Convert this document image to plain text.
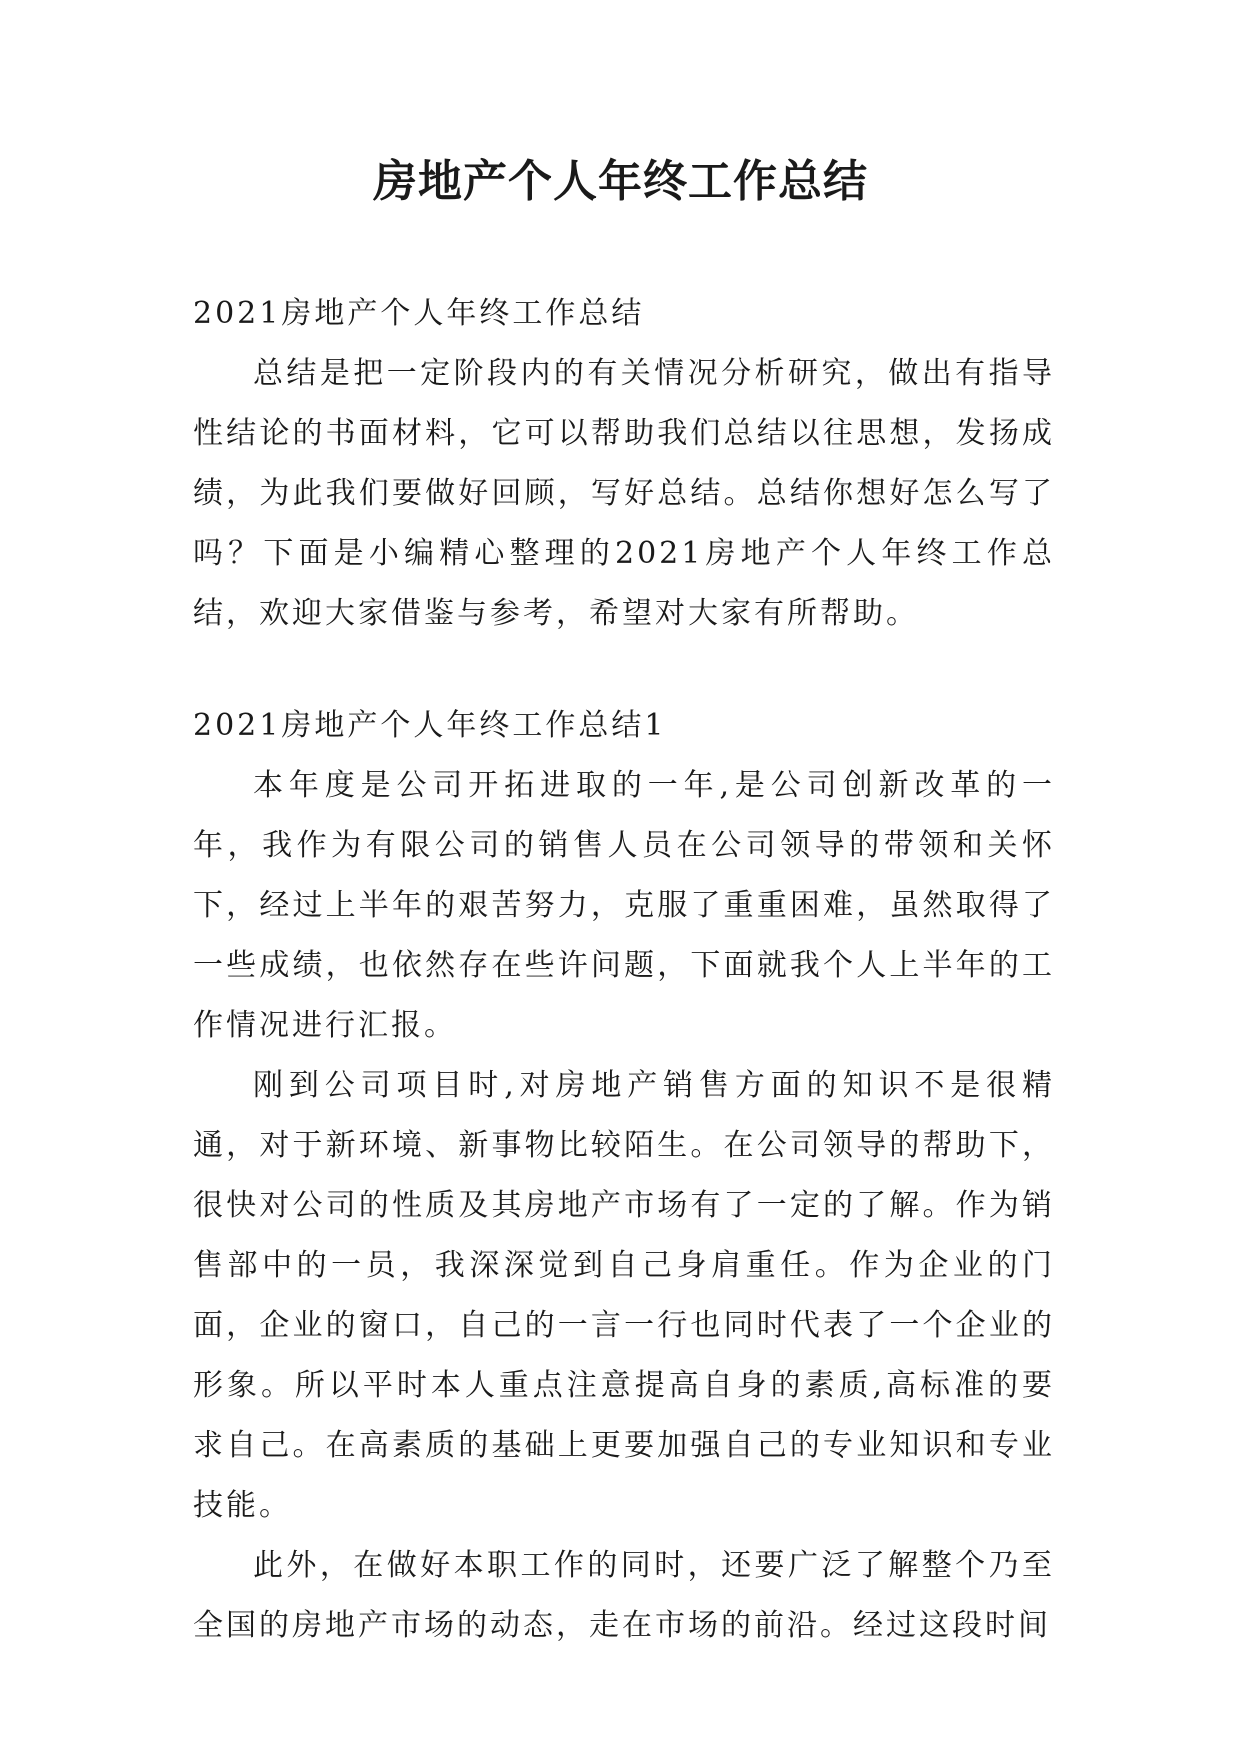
房地产个人年终工作总结

2021房地产个人年终工作总结

总结是把一定阶段内的有关情况分析研究，做出有指导性结论的书面材料，它可以帮助我们总结以往思想，发扬成绩，为此我们要做好回顾，写好总结。总结你想好怎么写了吗？下面是小编精心整理的2021房地产个人年终工作总结，欢迎大家借鉴与参考，希望对大家有所帮助。

2021房地产个人年终工作总结1

本年度是公司开拓进取的一年,是公司创新改革的一年，我作为有限公司的销售人员在公司领导的带领和关怀下，经过上半年的艰苦努力，克服了重重困难，虽然取得了一些成绩，也依然存在些许问题，下面就我个人上半年的工作情况进行汇报。

刚到公司项目时,对房地产销售方面的知识不是很精通，对于新环境、新事物比较陌生。在公司领导的帮助下，很快对公司的性质及其房地产市场有了一定的了解。作为销售部中的一员，我深深觉到自己身肩重任。作为企业的门面，企业的窗口，自己的一言一行也同时代表了一个企业的形象。所以平时本人重点注意提高自身的素质,高标准的要求自己。在高素质的基础上更要加强自己的专业知识和专业技能。

此外，在做好本职工作的同时，还要广泛了解整个乃至全国的房地产市场的动态，走在市场的前沿。经过这段时间
